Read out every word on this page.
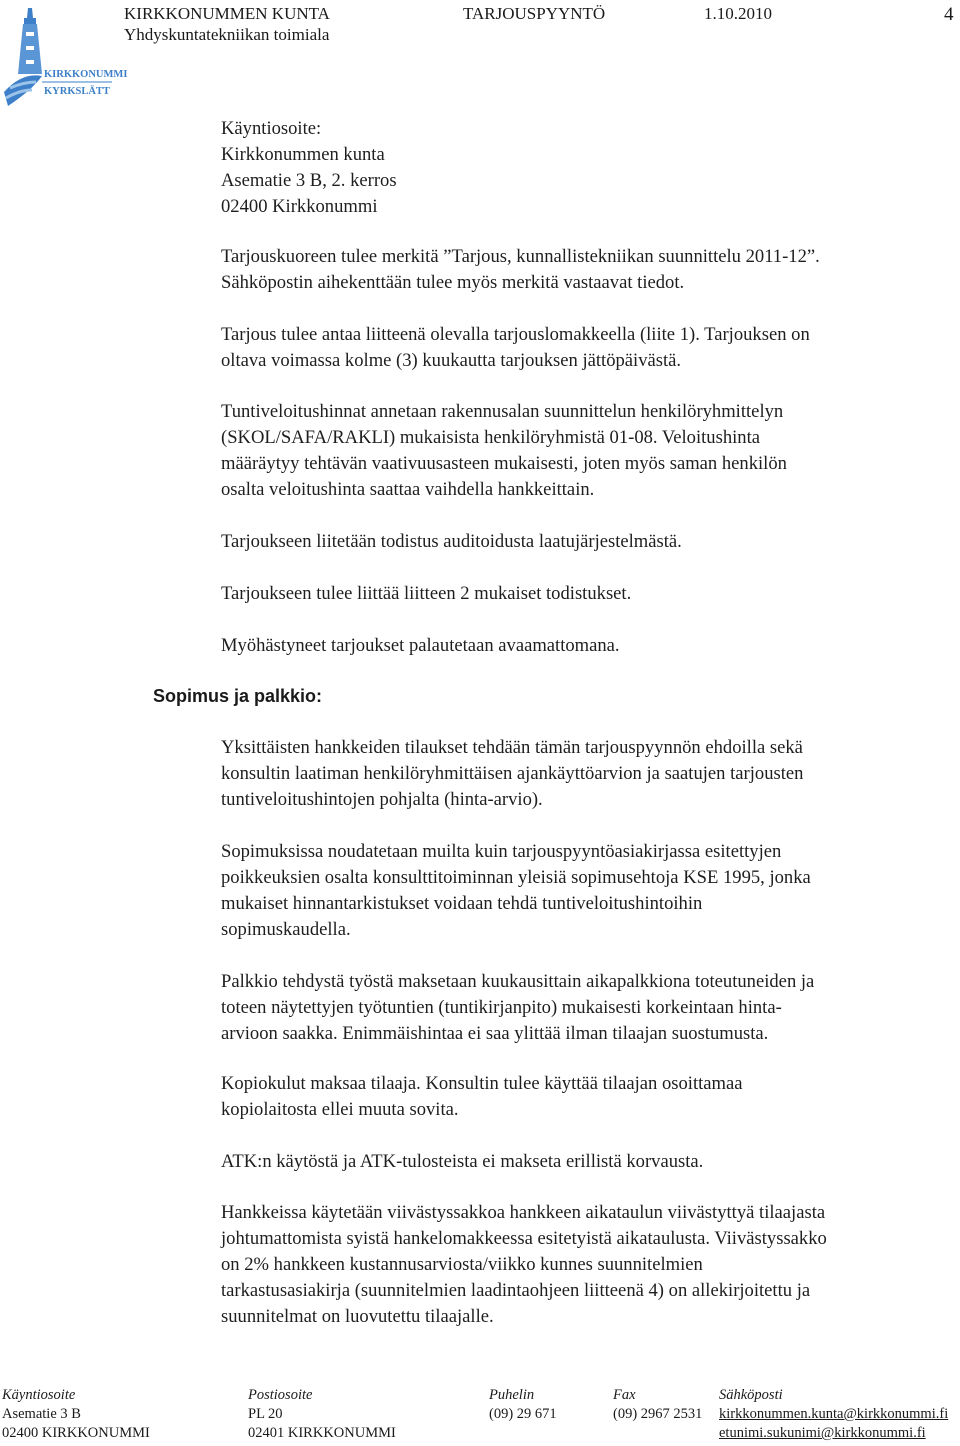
KIRKKONUMMI
KYRKSLÄTT
KIRKKONUMMEN KUNTA
Yhdyskuntatekniikan toimiala
TARJOUSPYYNTÖ	1.10.2010	4
Käyntiosoite:
Kirkkonummen kunta
Asematie 3 B, 2. kerros
02400 Kirkkonummi
Tarjouskuoreen tulee merkitä ”Tarjous, kunnallistekniikan suunnittelu 2011-12”.
Sähköpostin aihekenttään tulee myös merkitä vastaavat tiedot.
Tarjous tulee antaa liitteenä olevalla tarjouslomakkeella (liite 1). Tarjouksen on
oltava voimassa kolme (3) kuukautta tarjouksen jättöpäivästä.
Tuntiveloitushinnat annetaan rakennusalan suunnittelun henkilöryhmittelyn
(SKOL/SAFA/RAKLI) mukaisista henkilöryhmistä 01-08. Veloitushinta
määräytyy tehtävän vaativuusasteen mukaisesti, joten myös saman henkilön
osalta veloitushinta saattaa vaihdella hankkeittain.
Tarjoukseen liitetään todistus auditoidusta laatujärjestelmästä.
Tarjoukseen tulee liittää liitteen 2 mukaiset todistukset.
Myöhästyneet tarjoukset palautetaan avaamattomana.
Sopimus ja palkkio:
Yksittäisten hankkeiden tilaukset tehdään tämän tarjouspyynnön ehdoilla sekä
konsultin laatiman henkilöryhmittäisen ajankäyttöarvion ja saatujen tarjousten
tuntiveloitushintojen pohjalta (hinta-arvio).
Sopimuksissa noudatetaan muilta kuin tarjouspyyntöasiakirjassa esitettyjen
poikkeuksien osalta konsulttitoiminnan yleisiä sopimusehtoja KSE 1995, jonka
mukaiset hinnantarkistukset voidaan tehdä tuntiveloitushintoihin
sopimuskaudella.
Palkkio tehdystä työstä maksetaan kuukausittain aikapalkkiona toteutuneiden ja
toteen näytettyjen työtuntien (tuntikirjanpito) mukaisesti korkeintaan hinta-
arvioon saakka. Enimmäishintaa ei saa ylittää ilman tilaajan suostumusta.
Kopiokulut maksaa tilaaja. Konsultin tulee käyttää tilaajan osoittamaa
kopiolaitosta ellei muuta sovita.
ATK:n käytöstä ja ATK-tulosteista ei makseta erillistä korvausta.
Hankkeissa käytetään viivästyssakkoa hankkeen aikataulun viivästyttyä tilaajasta
johtumattomista syistä hankelomakkeessa esitetyistä aikataulusta. Viivästyssakko
on 2% hankkeen kustannusarviosta/viikko kunnes suunnitelmien
tarkastusasiakirja (suunnitelmien laadintaohjeen liitteenä 4) on allekirjoitettu ja
suunnitelmat on luovutettu tilaajalle.
Käyntiosoite
Asematie 3 B
02400 KIRKKONUMMI
Postiosoite
PL 20
02401 KIRKKONUMMI
Puhelin
(09) 29 671
Fax
(09) 2967 2531
Sähköposti
kirkkonummen.kunta@kirkkonummi.fi
etunimi.sukunimi@kirkkonummi.fi
